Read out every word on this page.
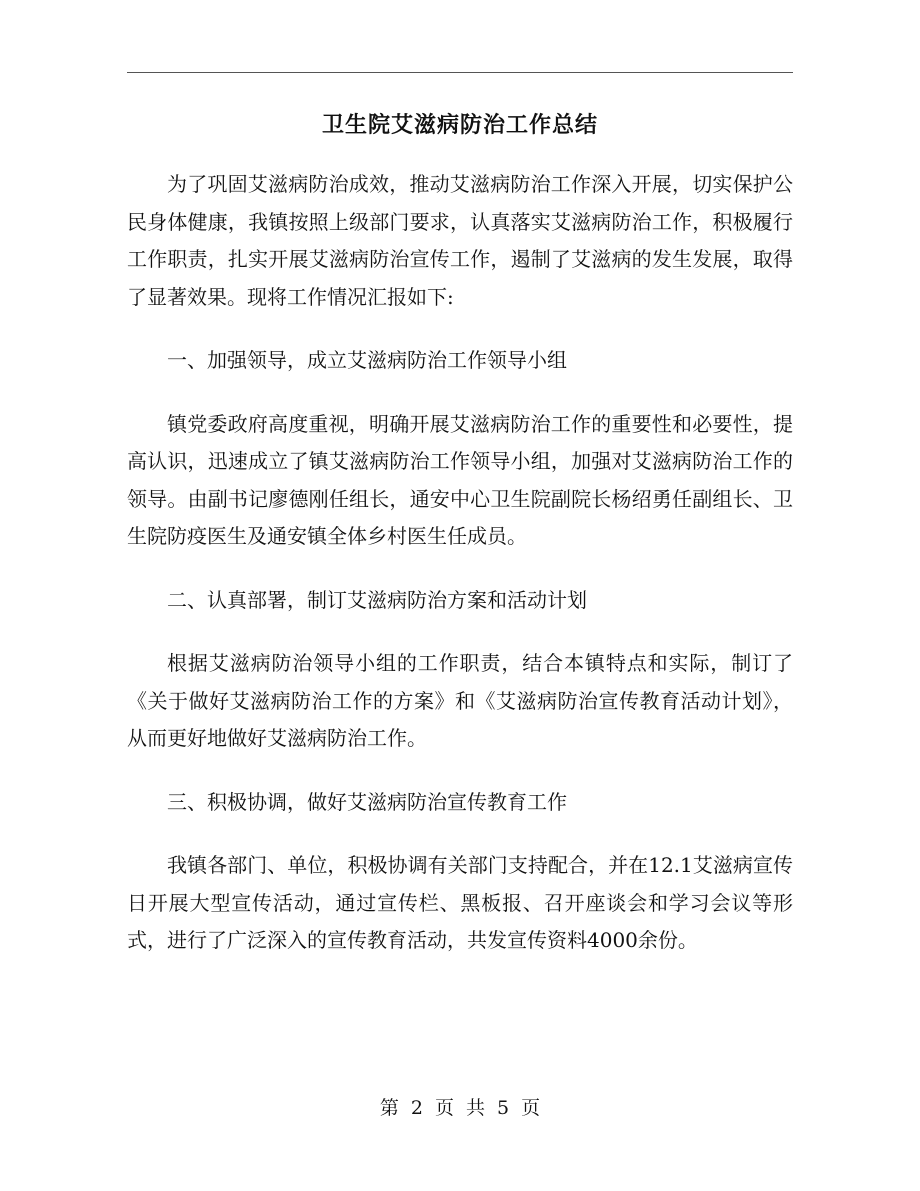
卫生院艾滋病防治工作总结

为了巩固艾滋病防治成效，推动艾滋病防治工作深入开展，切实保护公民身体健康，我镇按照上级部门要求，认真落实艾滋病防治工作，积极履行工作职责，扎实开展艾滋病防治宣传工作，遏制了艾滋病的发生发展，取得了显著效果。现将工作情况汇报如下:

一、加强领导，成立艾滋病防治工作领导小组

镇党委政府高度重视，明确开展艾滋病防治工作的重要性和必要性，提高认识，迅速成立了镇艾滋病防治工作领导小组，加强对艾滋病防治工作的领导。由副书记廖德刚任组长，通安中心卫生院副院长杨绍勇任副组长、卫生院防疫医生及通安镇全体乡村医生任成员。

二、认真部署，制订艾滋病防治方案和活动计划

根据艾滋病防治领导小组的工作职责，结合本镇特点和实际，制订了《关于做好艾滋病防治工作的方案》和《艾滋病防治宣传教育活动计划》，从而更好地做好艾滋病防治工作。

三、积极协调，做好艾滋病防治宣传教育工作

我镇各部门、单位，积极协调有关部门支持配合，并在12.1艾滋病宣传日开展大型宣传活动，通过宣传栏、黑板报、召开座谈会和学习会议等形式，进行了广泛深入的宣传教育活动，共发宣传资料4000余份。

第 2 页 共 5 页
